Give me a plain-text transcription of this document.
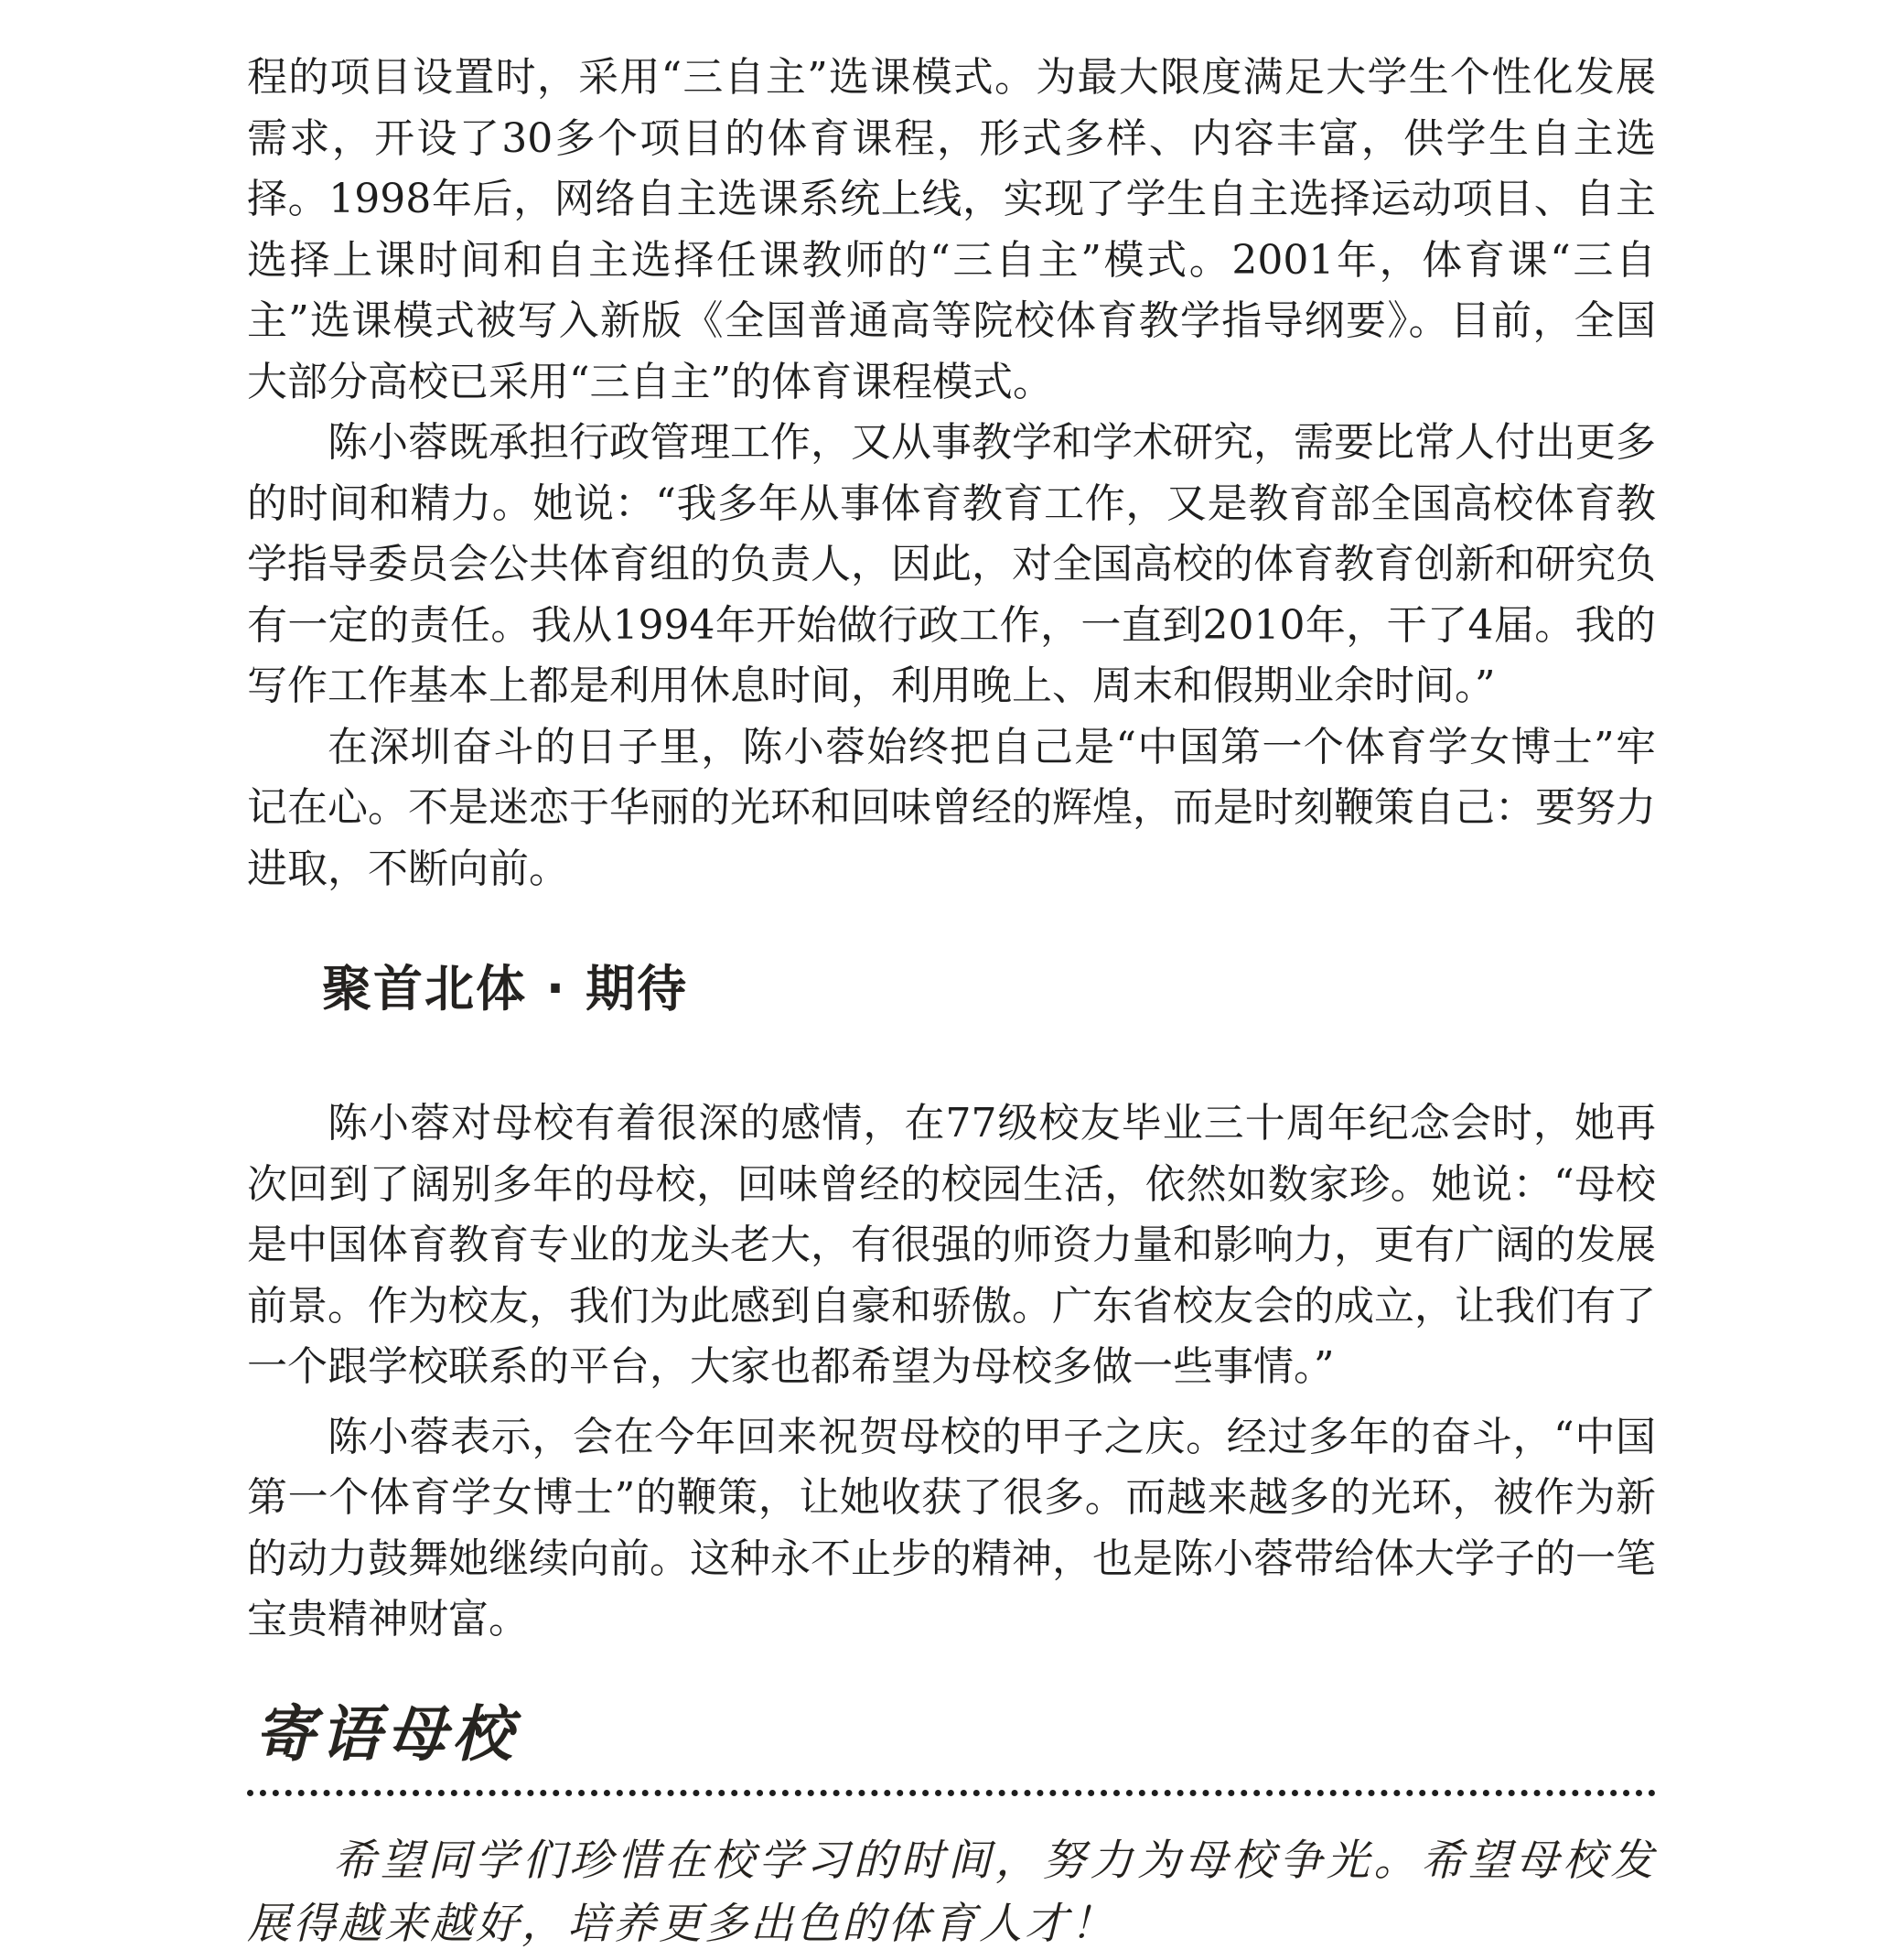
程的项目设置时，采用“三自主”选课模式。为最大限度满足大学生个性化发展需求，开设了30多个项目的体育课程，形式多样、内容丰富，供学生自主选择。1998年后，网络自主选课系统上线，实现了学生自主选择运动项目、自主选择上课时间和自主选择任课教师的“三自主”模式。2001年，体育课“三自主”选课模式被写入新版《全国普通高等院校体育教学指导纲要》。目前，全国大部分高校已采用“三自主”的体育课程模式。

陈小蓉既承担行政管理工作，又从事教学和学术研究，需要比常人付出更多的时间和精力。她说：“我多年从事体育教育工作，又是教育部全国高校体育教学指导委员会公共体育组的负责人，因此，对全国高校的体育教育创新和研究负有一定的责任。我从1994年开始做行政工作，一直到2010年，干了4届。我的写作工作基本上都是利用休息时间，利用晚上、周末和假期业余时间。”

在深圳奋斗的日子里，陈小蓉始终把自己是“中国第一个体育学女博士”牢记在心。不是迷恋于华丽的光环和回味曾经的辉煌，而是时刻鞭策自己：要努力进取，不断向前。

聚首北体 · 期待

陈小蓉对母校有着很深的感情，在77级校友毕业三十周年纪念会时，她再次回到了阔别多年的母校，回味曾经的校园生活，依然如数家珍。她说：“母校是中国体育教育专业的龙头老大，有很强的师资力量和影响力，更有广阔的发展前景。作为校友，我们为此感到自豪和骄傲。广东省校友会的成立，让我们有了一个跟学校联系的平台，大家也都希望为母校多做一些事情。”

陈小蓉表示，会在今年回来祝贺母校的甲子之庆。经过多年的奋斗，“中国第一个体育学女博士”的鞭策，让她收获了很多。而越来越多的光环，被作为新的动力鼓舞她继续向前。这种永不止步的精神，也是陈小蓉带给体大学子的一笔宝贵精神财富。

寄语母校

希望同学们珍惜在校学习的时间，努力为母校争光。希望母校发展得越来越好，培养更多出色的体育人才！
